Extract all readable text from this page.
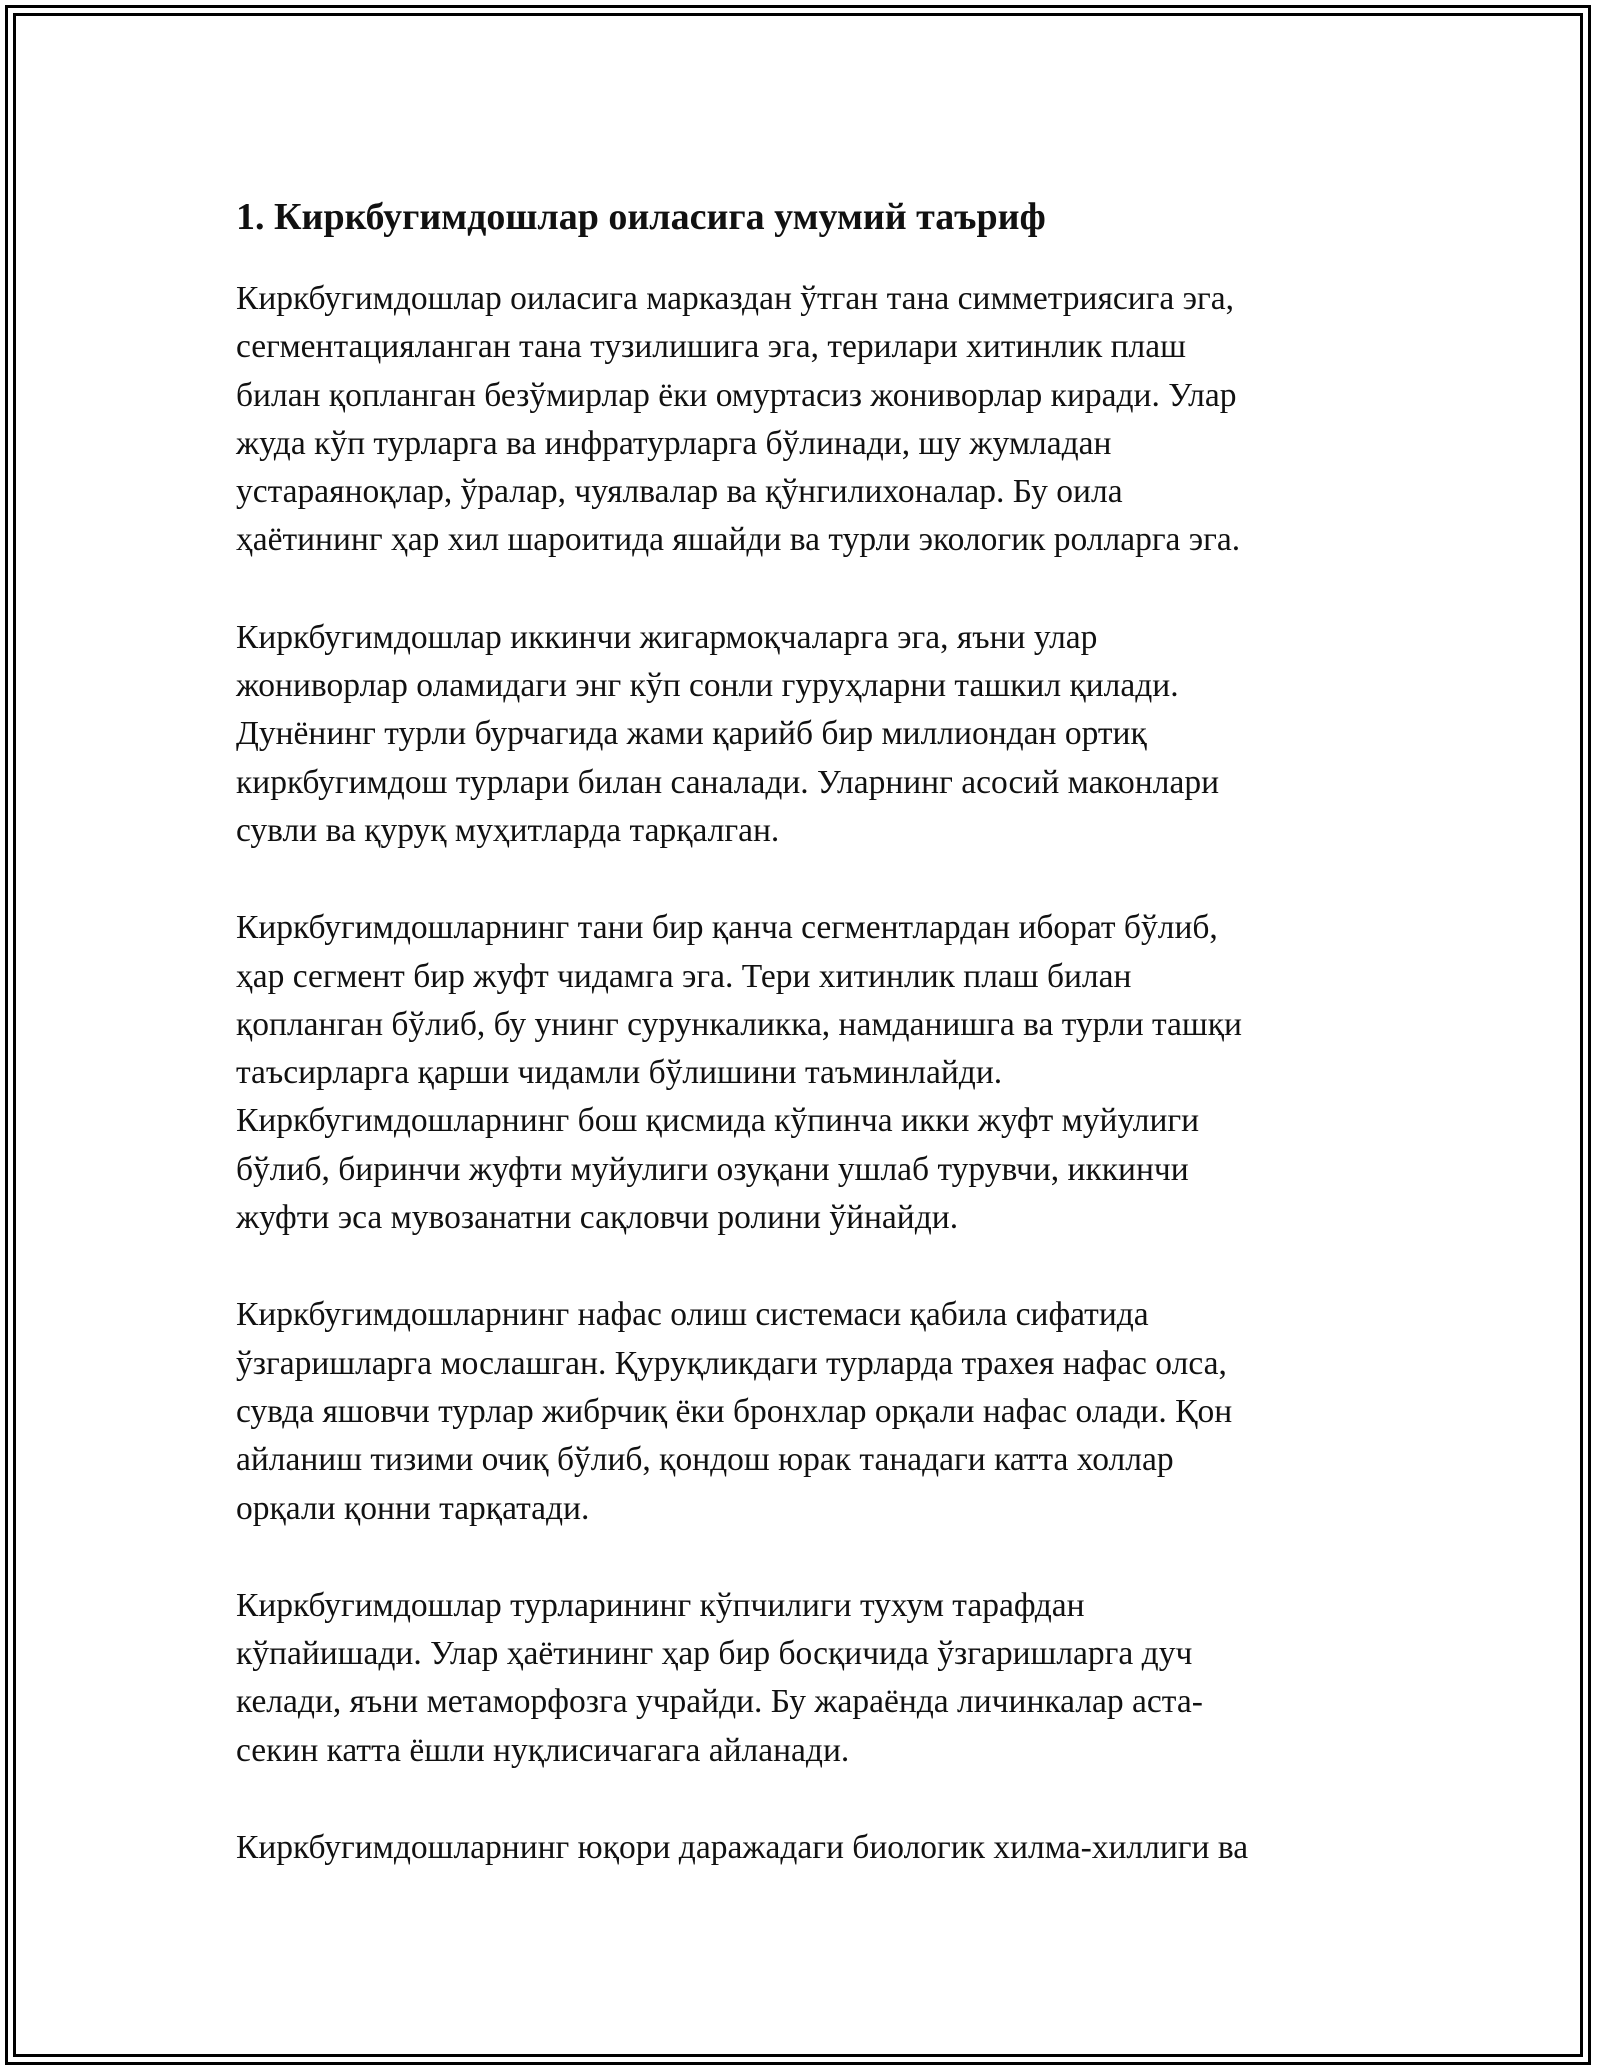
1. Киркбугимдошлар оиласига умумий таъриф

Киркбугимдошлар оиласига марказдан ўтган тана симметриясига эга,
сегментацияланган тана тузилишига эга, терилари хитинлик плаш
билан қопланган безўмирлар ёки омуртасиз жониворлар киради. Улар
жуда кўп турларга ва инфратурларга бўлинади, шу жумладан
устараяноқлар, ўралар, чуялвалар ва қўнгилихоналар. Бу оила
ҳаётининг ҳар хил шароитида яшайди ва турли экологик ролларга эга.

Киркбугимдошлар иккинчи жигармоқчаларга эга, яъни улар
жониворлар оламидаги энг кўп сонли гуруҳларни ташкил қилади.
Дунёнинг турли бурчагида жами қарийб бир миллиондан ортиқ
киркбугимдош турлари билан саналади. Уларнинг асосий маконлари
сувли ва қуруқ муҳитларда тарқалган.

Киркбугимдошларнинг тани бир қанча сегментлардан иборат бўлиб,
ҳар сегмент бир жуфт чидамга эга. Тери хитинлик плаш билан
қопланган бўлиб, бу унинг сурункаликка, намданишга ва турли ташқи
таъсирларга қарши чидамли бўлишини таъминлайди.
Киркбугимдошларнинг бош қисмида кўпинча икки жуфт муйулиги
бўлиб, биринчи жуфти муйулиги озуқани ушлаб турувчи, иккинчи
жуфти эса мувозанатни сақловчи ролини ўйнайди.

Киркбугимдошларнинг нафас олиш системаси қабила сифатида
ўзгаришларга мослашган. Қуруқликдаги турларда трахея нафас олса,
сувда яшовчи турлар жибрчиқ ёки бронхлар орқали нафас олади. Қон
айланиш тизими очиқ бўлиб, қондош юрак танадаги катта холлар
орқали қонни тарқатади.

Киркбугимдошлар турларининг кўпчилиги тухум тарафдан
кўпайишади. Улар ҳаётининг ҳар бир босқичида ўзгаришларга дуч
келади, яъни метаморфозга учрайди. Бу жараёнда личинкалар аста-
секин катта ёшли нуқлисичагага айланади.

Киркбугимдошларнинг юқори даражадаги биологик хилма-хиллиги ва
